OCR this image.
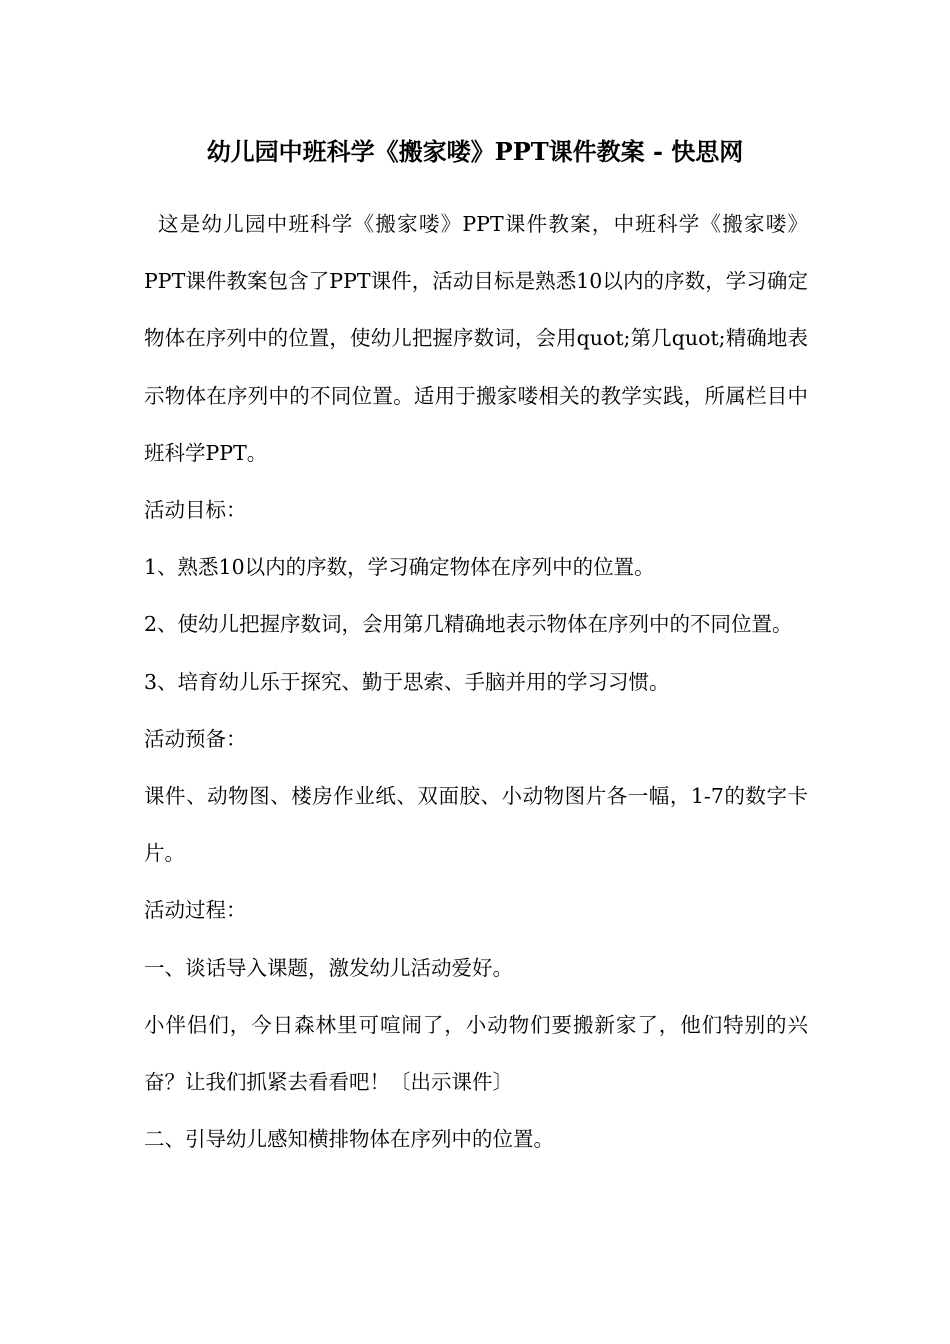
幼儿园中班科学《搬家喽》PPT课件教案 - 快思网

这是幼儿园中班科学《搬家喽》PPT课件教案，中班科学《搬家喽》PPT课件教案包含了PPT课件，活动目标是熟悉10以内的序数，学习确定物体在序列中的位置，使幼儿把握序数词，会用quot;第几quot;精确地表示物体在序列中的不同位置。适用于搬家喽相关的教学实践，所属栏目中班科学PPT。

活动目标：

1、熟悉10以内的序数，学习确定物体在序列中的位置。

2、使幼儿把握序数词，会用第几精确地表示物体在序列中的不同位置。

3、培育幼儿乐于探究、勤于思索、手脑并用的学习习惯。

活动预备：

课件、动物图、楼房作业纸、双面胶、小动物图片各一幅，1-7的数字卡片。

活动过程：

一、谈话导入课题，激发幼儿活动爱好。

小伴侣们，今日森林里可喧闹了，小动物们要搬新家了，他们特别的兴奋？让我们抓紧去看看吧！〔出示课件〕

二、引导幼儿感知横排物体在序列中的位置。
